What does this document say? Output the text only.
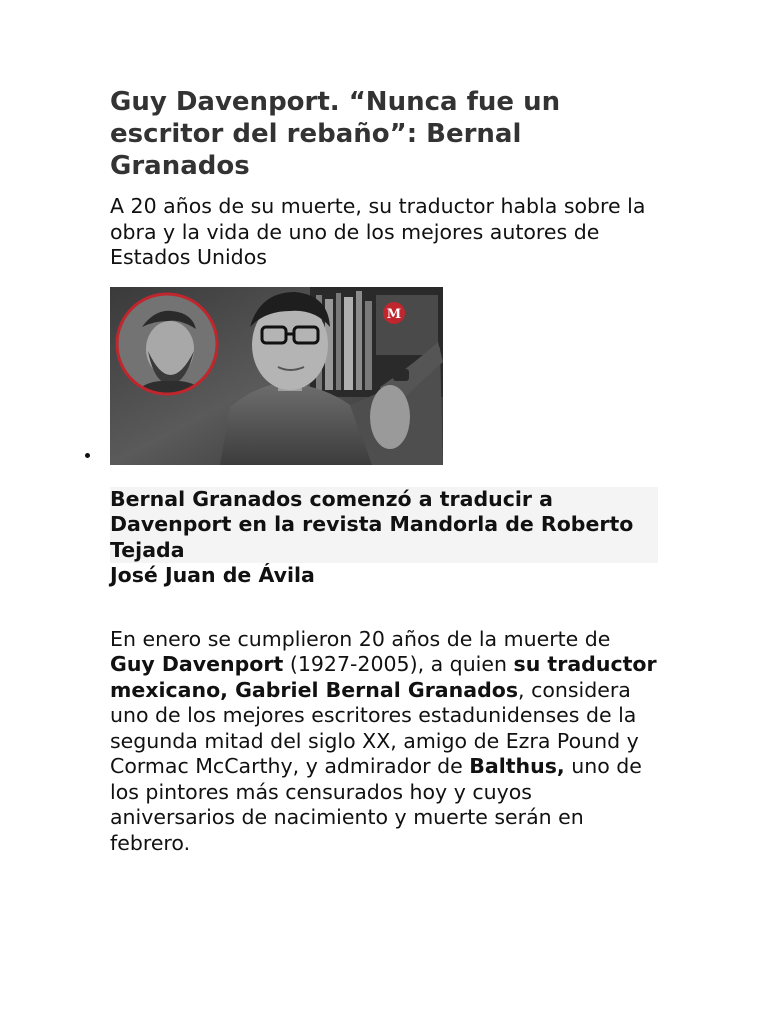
Guy Davenport. “Nunca fue un escritor del rebaño”: Bernal Granados

A 20 años de su muerte, su traductor habla sobre la obra y la vida de uno de los mejores autores de Estados Unidos

M

Bernal Granados comenzó a traducir a Davenport en la revista Mandorla de Roberto Tejada

José Juan de Ávila

En enero se cumplieron 20 años de la muerte de Guy Davenport (1927-2005), a quien su traductor mexicano, Gabriel Bernal Granados, considera uno de los mejores escritores estadunidenses de la segunda mitad del siglo XX, amigo de Ezra Pound y Cormac McCarthy, y admirador de Balthus, uno de los pintores más censurados hoy y cuyos aniversarios de nacimiento y muerte serán en febrero.
